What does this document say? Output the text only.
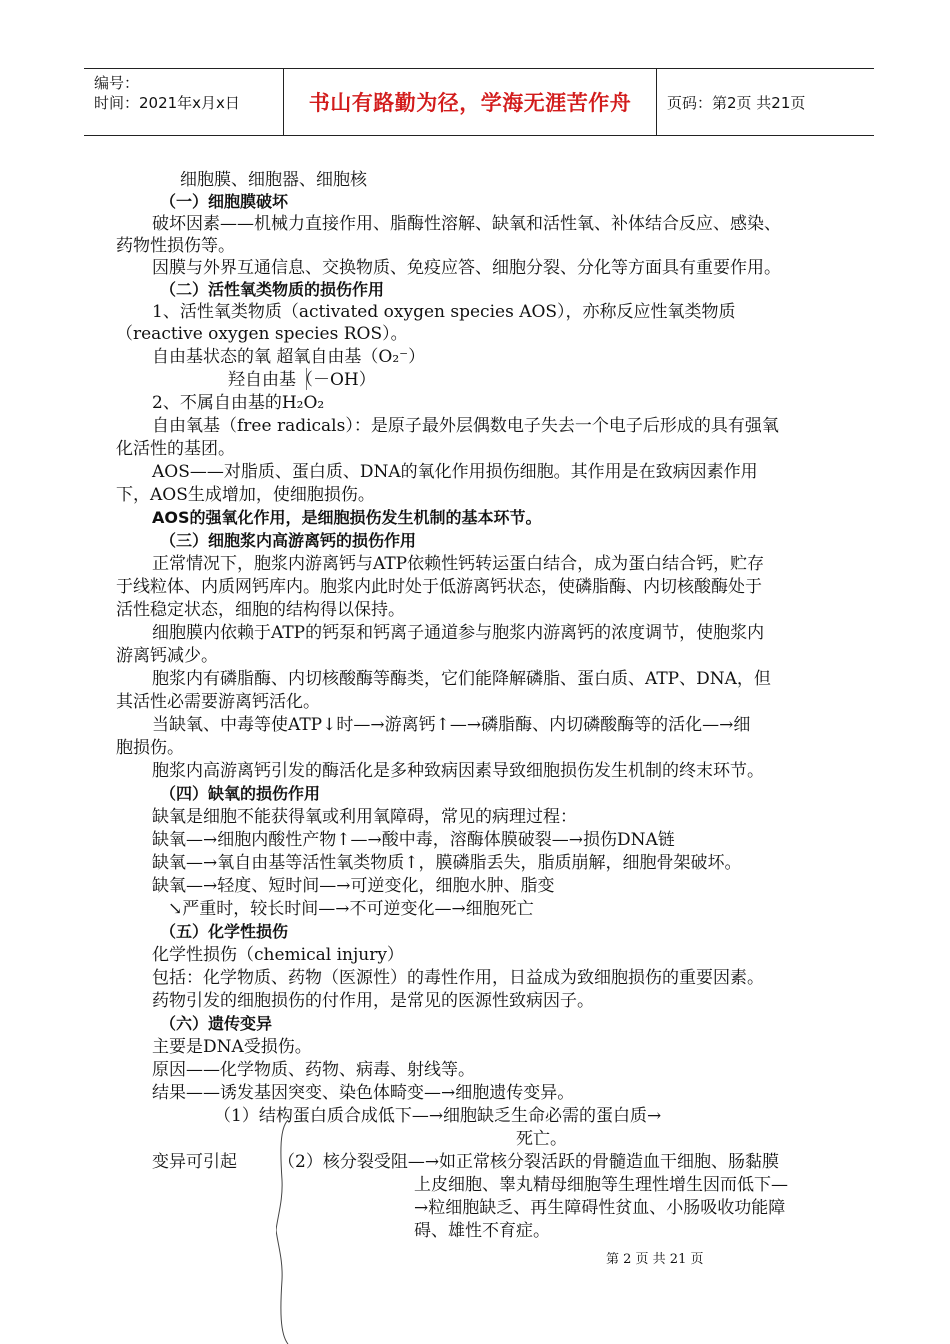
编号：
时间：2021年x月x日	书山有路勤为径，学海无涯苦作舟	页码：第2页 共21页
细胞膜、细胞器、细胞核
（一）细胞膜破坏
破坏因素——机械力直接作用、脂酶性溶解、缺氧和活性氧、补体结合反应、感染、
药物性损伤等。
因膜与外界互通信息、交换物质、免疫应答、细胞分裂、分化等方面具有重要作用。
（二）活性氧类物质的损伤作用
1、活性氧类物质（activated oxygen species AOS），亦称反应性氧类物质
（reactive oxygen species ROS）。
自由基状态的氧 超氧自由基（O₂⁻）
羟自由基（－OH）
2、不属自由基的H₂O₂
自由氧基（free radicals）：是原子最外层偶数电子失去一个电子后形成的具有强氧
化活性的基团。
AOS——对脂质、蛋白质、DNA的氧化作用损伤细胞。其作用是在致病因素作用
下，AOS生成增加，使细胞损伤。
AOS的强氧化作用，是细胞损伤发生机制的基本环节。
（三）细胞浆内高游离钙的损伤作用
正常情况下，胞浆内游离钙与ATP依赖性钙转运蛋白结合，成为蛋白结合钙，贮存
于线粒体、内质网钙库内。胞浆内此时处于低游离钙状态，使磷脂酶、内切核酸酶处于
活性稳定状态，细胞的结构得以保持。
细胞膜内依赖于ATP的钙泵和钙离子通道参与胞浆内游离钙的浓度调节，使胞浆内
游离钙减少。
胞浆内有磷脂酶、内切核酸酶等酶类，它们能降解磷脂、蛋白质、ATP、DNA，但
其活性必需要游离钙活化。
当缺氧、中毒等使ATP↓时—→游离钙↑—→磷脂酶、内切磷酸酶等的活化—→细
胞损伤。
胞浆内高游离钙引发的酶活化是多种致病因素导致细胞损伤发生机制的终末环节。
（四）缺氧的损伤作用
缺氧是细胞不能获得氧或利用氧障碍，常见的病理过程：
缺氧—→细胞内酸性产物↑—→酸中毒，溶酶体膜破裂—→损伤DNA链
缺氧—→氧自由基等活性氧类物质↑，膜磷脂丢失，脂质崩解，细胞骨架破坏。
缺氧—→轻度、短时间—→可逆变化，细胞水肿、脂变
↘严重时，较长时间—→不可逆变化—→细胞死亡
（五）化学性损伤
化学性损伤（chemical injury）
包括：化学物质、药物（医源性）的毒性作用，日益成为致细胞损伤的重要因素。
药物引发的细胞损伤的付作用，是常见的医源性致病因子。
（六）遗传变异
主要是DNA受损伤。
原因——化学物质、药物、病毒、射线等。
结果——诱发基因突变、染色体畸变—→细胞遗传变异。
（1）结构蛋白质合成低下—→细胞缺乏生命必需的蛋白质→
死亡。
变异可引起 （2）核分裂受阻—→如正常核分裂活跃的骨髓造血干细胞、肠黏膜
上皮细胞、睾丸精母细胞等生理性增生因而低下—
→粒细胞缺乏、再生障碍性贫血、小肠吸收功能障
碍、雄性不育症。
第 2 页 共 21 页
